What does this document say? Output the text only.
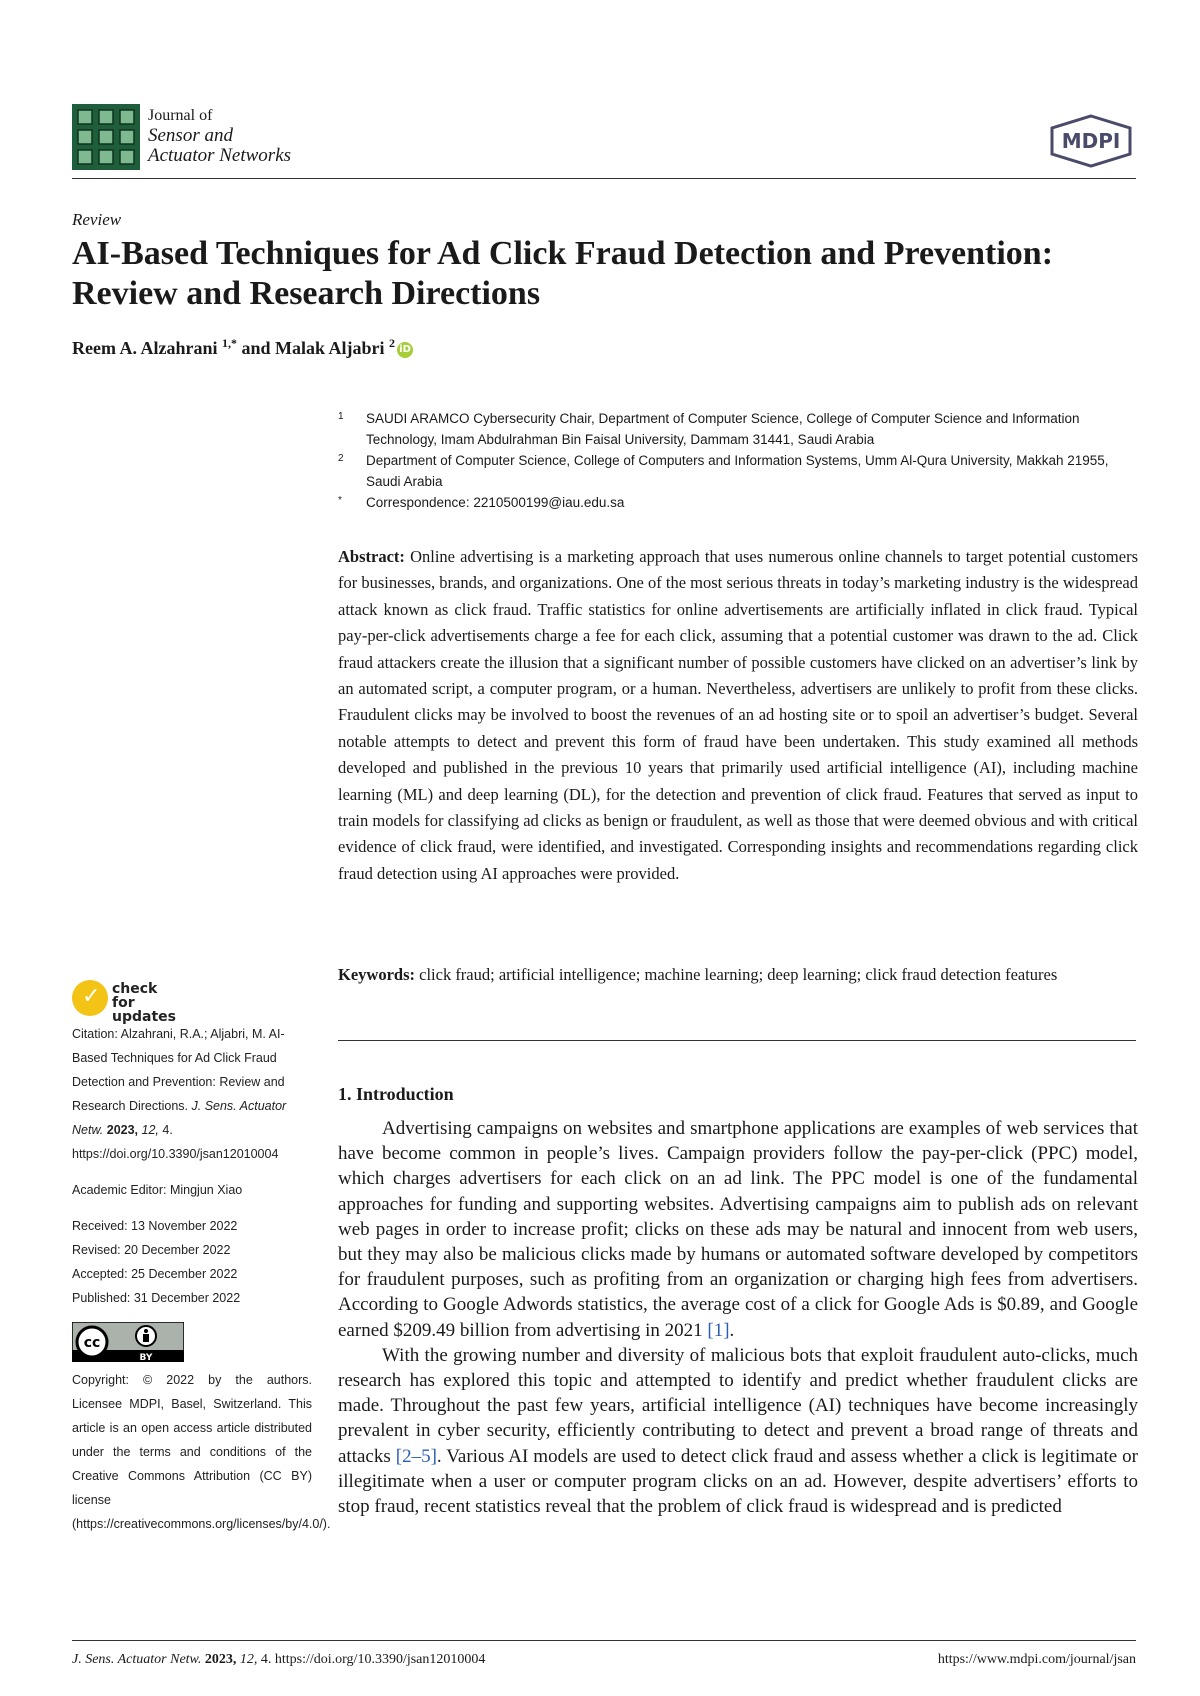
Journal of
Sensor and
Actuator Networks
MDPI
Review
AI-Based Techniques for Ad Click Fraud Detection and Prevention: Review and Research Directions
Reem A. Alzahrani $^{1,*}$ and Malak Aljabri $^2$ iD
1 SAUDI ARAMCO Cybersecurity Chair, Department of Computer Science, College of Computer Science and Information Technology, Imam Abdulrahman Bin Faisal University, Dammam 31441, Saudi Arabia
2 Department of Computer Science, College of Computers and Information Systems, Umm Al-Qura University, Makkah 21955, Saudi Arabia
* Correspondence: 2210500199@iau.edu.sa
Abstract: Online advertising is a marketing approach that uses numerous online channels to target potential customers for businesses, brands, and organizations. One of the most serious threats in today’s marketing industry is the widespread attack known as click fraud. Traffic statistics for online advertisements are artificially inflated in click fraud. Typical pay-per-click advertisements charge a fee for each click, assuming that a potential customer was drawn to the ad. Click fraud attackers create the illusion that a significant number of possible customers have clicked on an advertiser’s link by an automated script, a computer program, or a human. Nevertheless, advertisers are unlikely to profit from these clicks. Fraudulent clicks may be involved to boost the revenues of an ad hosting site or to spoil an advertiser’s budget. Several notable attempts to detect and prevent this form of fraud have been undertaken. This study examined all methods developed and published in the previous 10 years that primarily used artificial intelligence (AI), including machine learning (ML) and deep learning (DL), for the detection and prevention of click fraud. Features that served as input to train models for classifying ad clicks as benign or fraudulent, as well as those that were deemed obvious and with critical evidence of click fraud, were identified, and investigated. Corresponding insights and recommendations regarding click fraud detection using AI approaches were provided.
Keywords: click fraud; artificial intelligence; machine learning; deep learning; click fraud detection features
1. Introduction

Advertising campaigns on websites and smartphone applications are examples of web services that have become common in people’s lives. Campaign providers follow the pay-per-click (PPC) model, which charges advertisers for each click on an ad link. The PPC model is one of the fundamental approaches for funding and supporting websites. Advertising campaigns aim to publish ads on relevant web pages in order to increase profit; clicks on these ads may be natural and innocent from web users, but they may also be malicious clicks made by humans or automated software developed by competitors for fraudulent purposes, such as profiting from an organization or charging high fees from advertisers. According to Google Adwords statistics, the average cost of a click for Google Ads is $0.89, and Google earned $209.49 billion from advertising in 2021 [1].

With the growing number and diversity of malicious bots that exploit fraudulent auto-clicks, much research has explored this topic and attempted to identify and predict whether fraudulent clicks are made. Throughout the past few years, artificial intelligence (AI) techniques have become increasingly prevalent in cyber security, efficiently contributing to detect and prevent a broad range of threats and attacks [2–5]. Various AI models are used to detect click fraud and assess whether a click is legitimate or illegitimate when a user or computer program clicks on an ad. However, despite advertisers’ efforts to stop fraud, recent statistics reveal that the problem of click fraud is widespread and is predicted

✓ check for updates
Citation: Alzahrani, R.A.; Aljabri, M. AI-Based Techniques for Ad Click Fraud Detection and Prevention: Review and Research Directions. J. Sens. Actuator Netw. 2023, 12, 4. https://doi.org/10.3390/jsan12010004
Academic Editor: Mingjun Xiao
Received: 13 November 2022
Revised: 20 December 2022
Accepted: 25 December 2022
Published: 31 December 2022
cc
BY
Copyright: © 2022 by the authors. Licensee MDPI, Basel, Switzerland. This article is an open access article distributed under the terms and conditions of the Creative Commons Attribution (CC BY) license (https://creativecommons.org/licenses/by/4.0/).
J. Sens. Actuator Netw. 2023, 12, 4. https://doi.org/10.3390/jsan12010004	https://www.mdpi.com/journal/jsan
